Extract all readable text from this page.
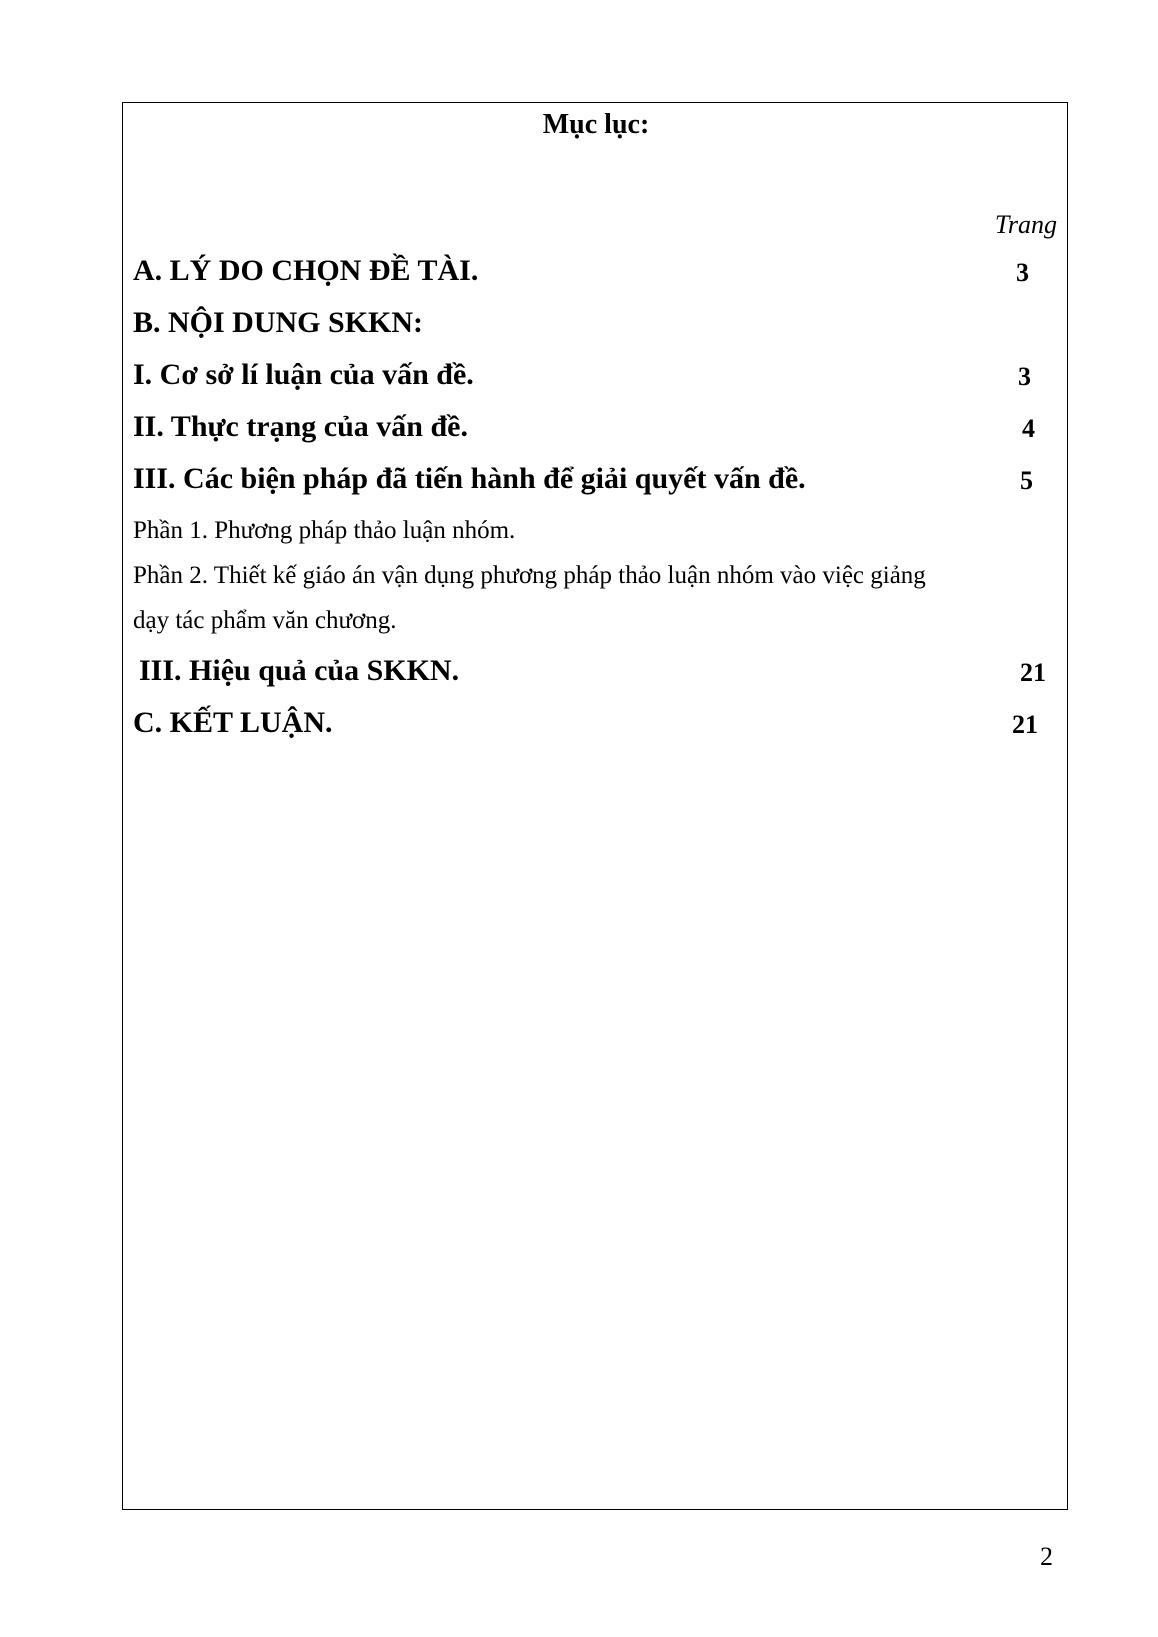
Mục lục:
Trang
A. LÝ DO CHỌN ĐỀ TÀI.	3
B. NỘI DUNG SKKN:
I. Cơ sở lí luận của vấn đề.	3
II. Thực trạng của vấn đề.	4
III. Các biện pháp đã tiến hành để giải quyết vấn đề.	5
Phần 1. Phương pháp thảo luận nhóm.
Phần 2. Thiết kế giáo án vận dụng phương pháp thảo luận nhóm vào việc giảng
dạy tác phẩm văn chương.
III. Hiệu quả của SKKN.	21
C. KẾT LUẬN.	21
2
